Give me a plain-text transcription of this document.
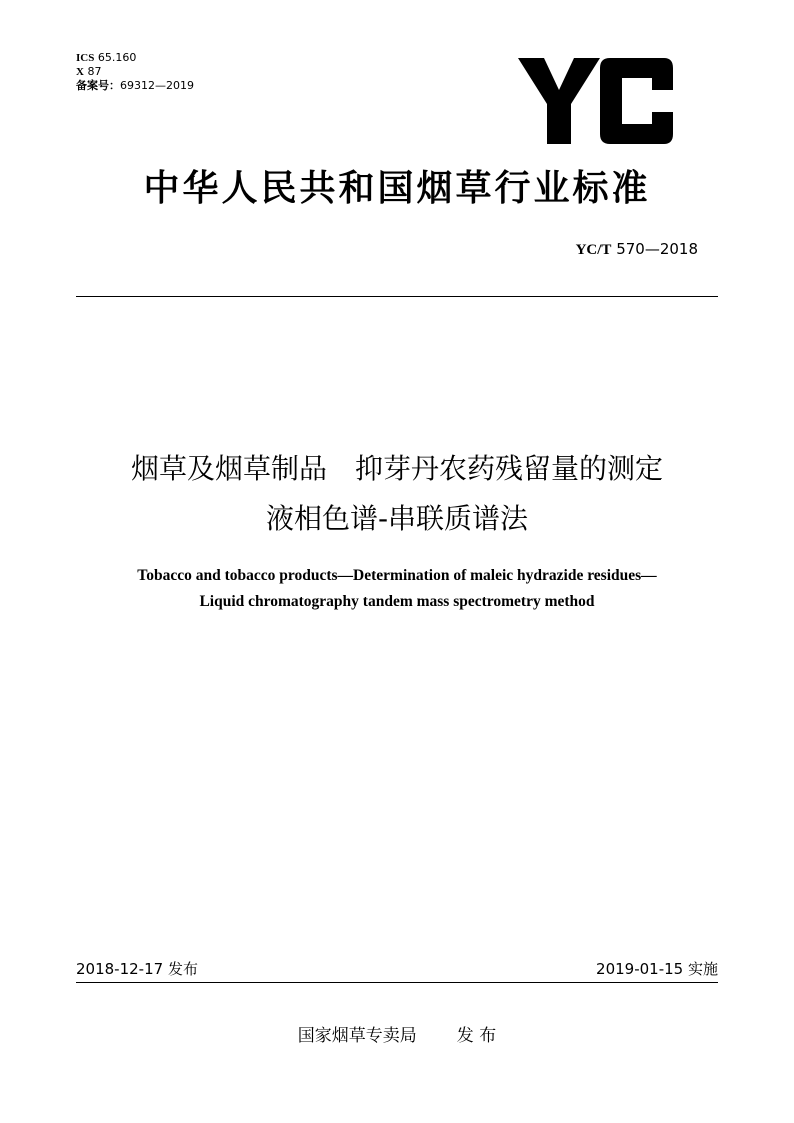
ICS 65.160
X 87
备案号：69312—2019
中华人民共和国烟草行业标准
YC/T 570—2018
烟草及烟草制品　抑芽丹农药残留量的测定
液相色谱-串联质谱法
Tobacco and tobacco products—Determination of maleic hydrazide residues—
Liquid chromatography tandem mass spectrometry method
2018-12-17 发布	2019-01-15 实施
国家烟草专卖局 发 布
